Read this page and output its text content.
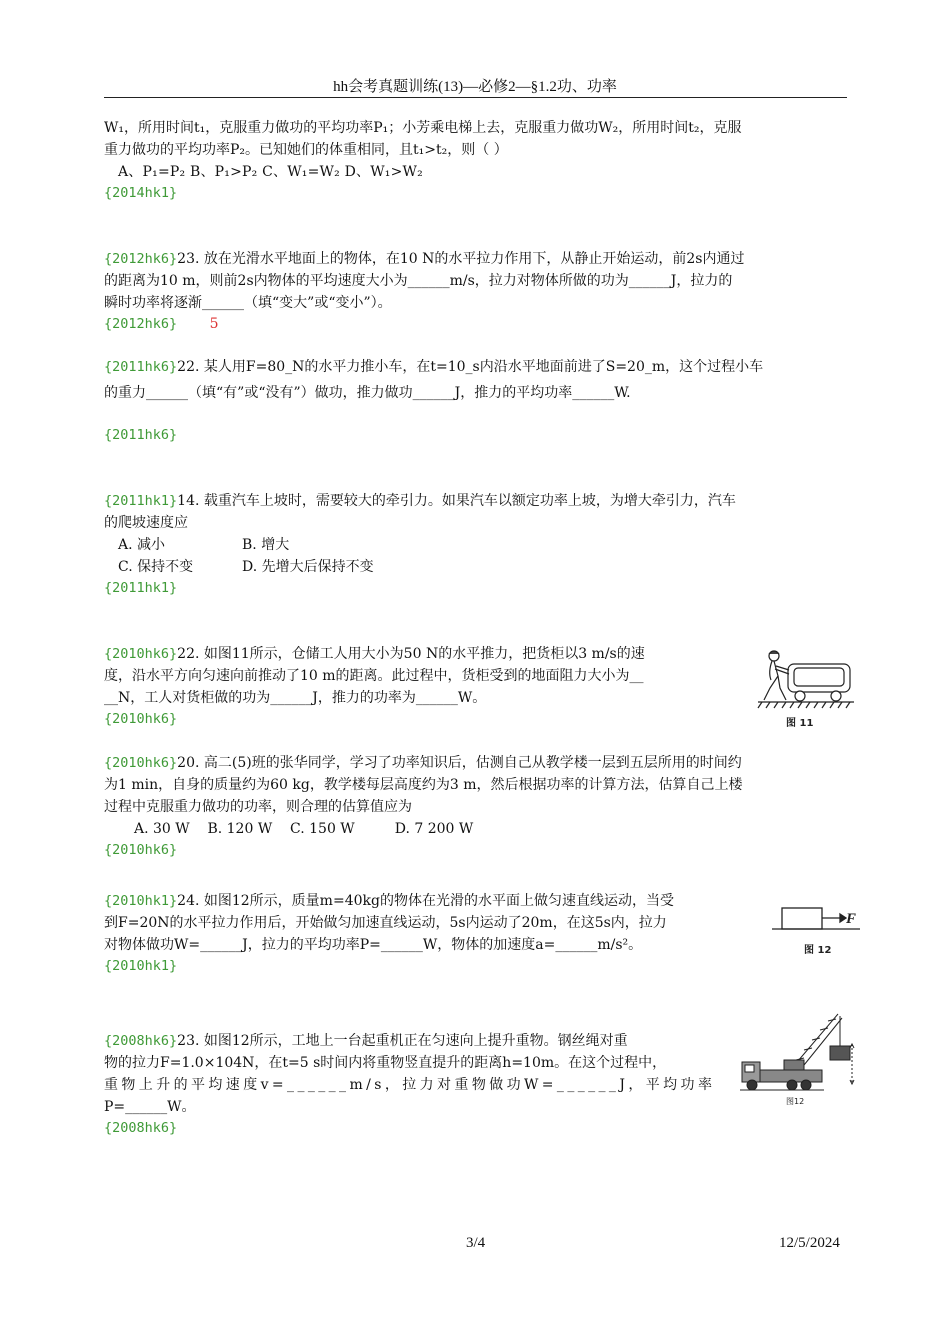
hh会考真题训练(13)—必修2—§1.2功、功率
W₁，所用时间t₁，克服重力做功的平均功率P₁；小芳乘电梯上去，克服重力做功W₂，所用时间t₂，克服
重力做功的平均功率P₂。已知她们的体重相同，且t₁>t₂，则（ ）
A、P₁=P₂ B、P₁>P₂ C、W₁=W₂ D、W₁>W₂
{2014hk1}
{2012hk6}23. 放在光滑水平地面上的物体，在10 N的水平拉力作用下，从静止开始运动，前2s内通过
的距离为10 m，则前2s内物体的平均速度大小为______m/s，拉力对物体所做的功为______J，拉力的
瞬时功率将逐渐______（填“变大”或“变小”）。
{2012hk6} 5
{2011hk6}22. 某人用F=80_N的水平力推小车，在t=10_s内沿水平地面前进了S=20_m，这个过程小车
的重力______（填“有”或“没有”）做功，推力做功______J，推力的平均功率______W.
{2011hk6}
{2011hk1}14. 载重汽车上坡时，需要较大的牵引力。如果汽车以额定功率上坡，为增大牵引力，汽车
的爬坡速度应
A. 减小	B. 增大
C. 保持不变	D. 先增大后保持不变
{2011hk1}
{2010hk6}22. 如图11所示，仓储工人用大小为50 N的水平推力，把货柜以3 m/s的速
度，沿水平方向匀速向前推动了10 m的距离。此过程中，货柜受到的地面阻力大小为__
__N，工人对货柜做的功为______J，推力的功率为______W。
{2010hk6}	图 11
{2010hk6}20. 高二(5)班的张华同学，学习了功率知识后，估测自己从教学楼一层到五层所用的时间约
为1 min，自身的质量约为60 kg，教学楼每层高度约为3 m，然后根据功率的计算方法，估算自己上楼
过程中克服重力做功的功率，则合理的估算值应为
A. 30 W    B. 120 W    C. 150 W         D. 7 200 W
{2010hk6}
{2010hk1}24. 如图12所示，质量m=40kg的物体在光滑的水平面上做匀速直线运动，当受
到F=20N的水平拉力作用后，开始做匀加速直线运动，5s内运动了20m，在这5s内，拉力
对物体做功W=______J，拉力的平均功率P=______W，物体的加速度a=______m/s²。
{2010hk1}
F
图 12
{2008hk6}23. 如图12所示，工地上一台起重机正在匀速向上提升重物。钢丝绳对重
物的拉力F=1.0×104N，在t=5 s时间内将重物竖直提升的距离h=10m。在这个过程中，
重物上升的平均速度v=______m/s，拉力对重物做功W=______J，平均功率
P=______W。
{2008hk6}
图12
3/4	12/5/2024
